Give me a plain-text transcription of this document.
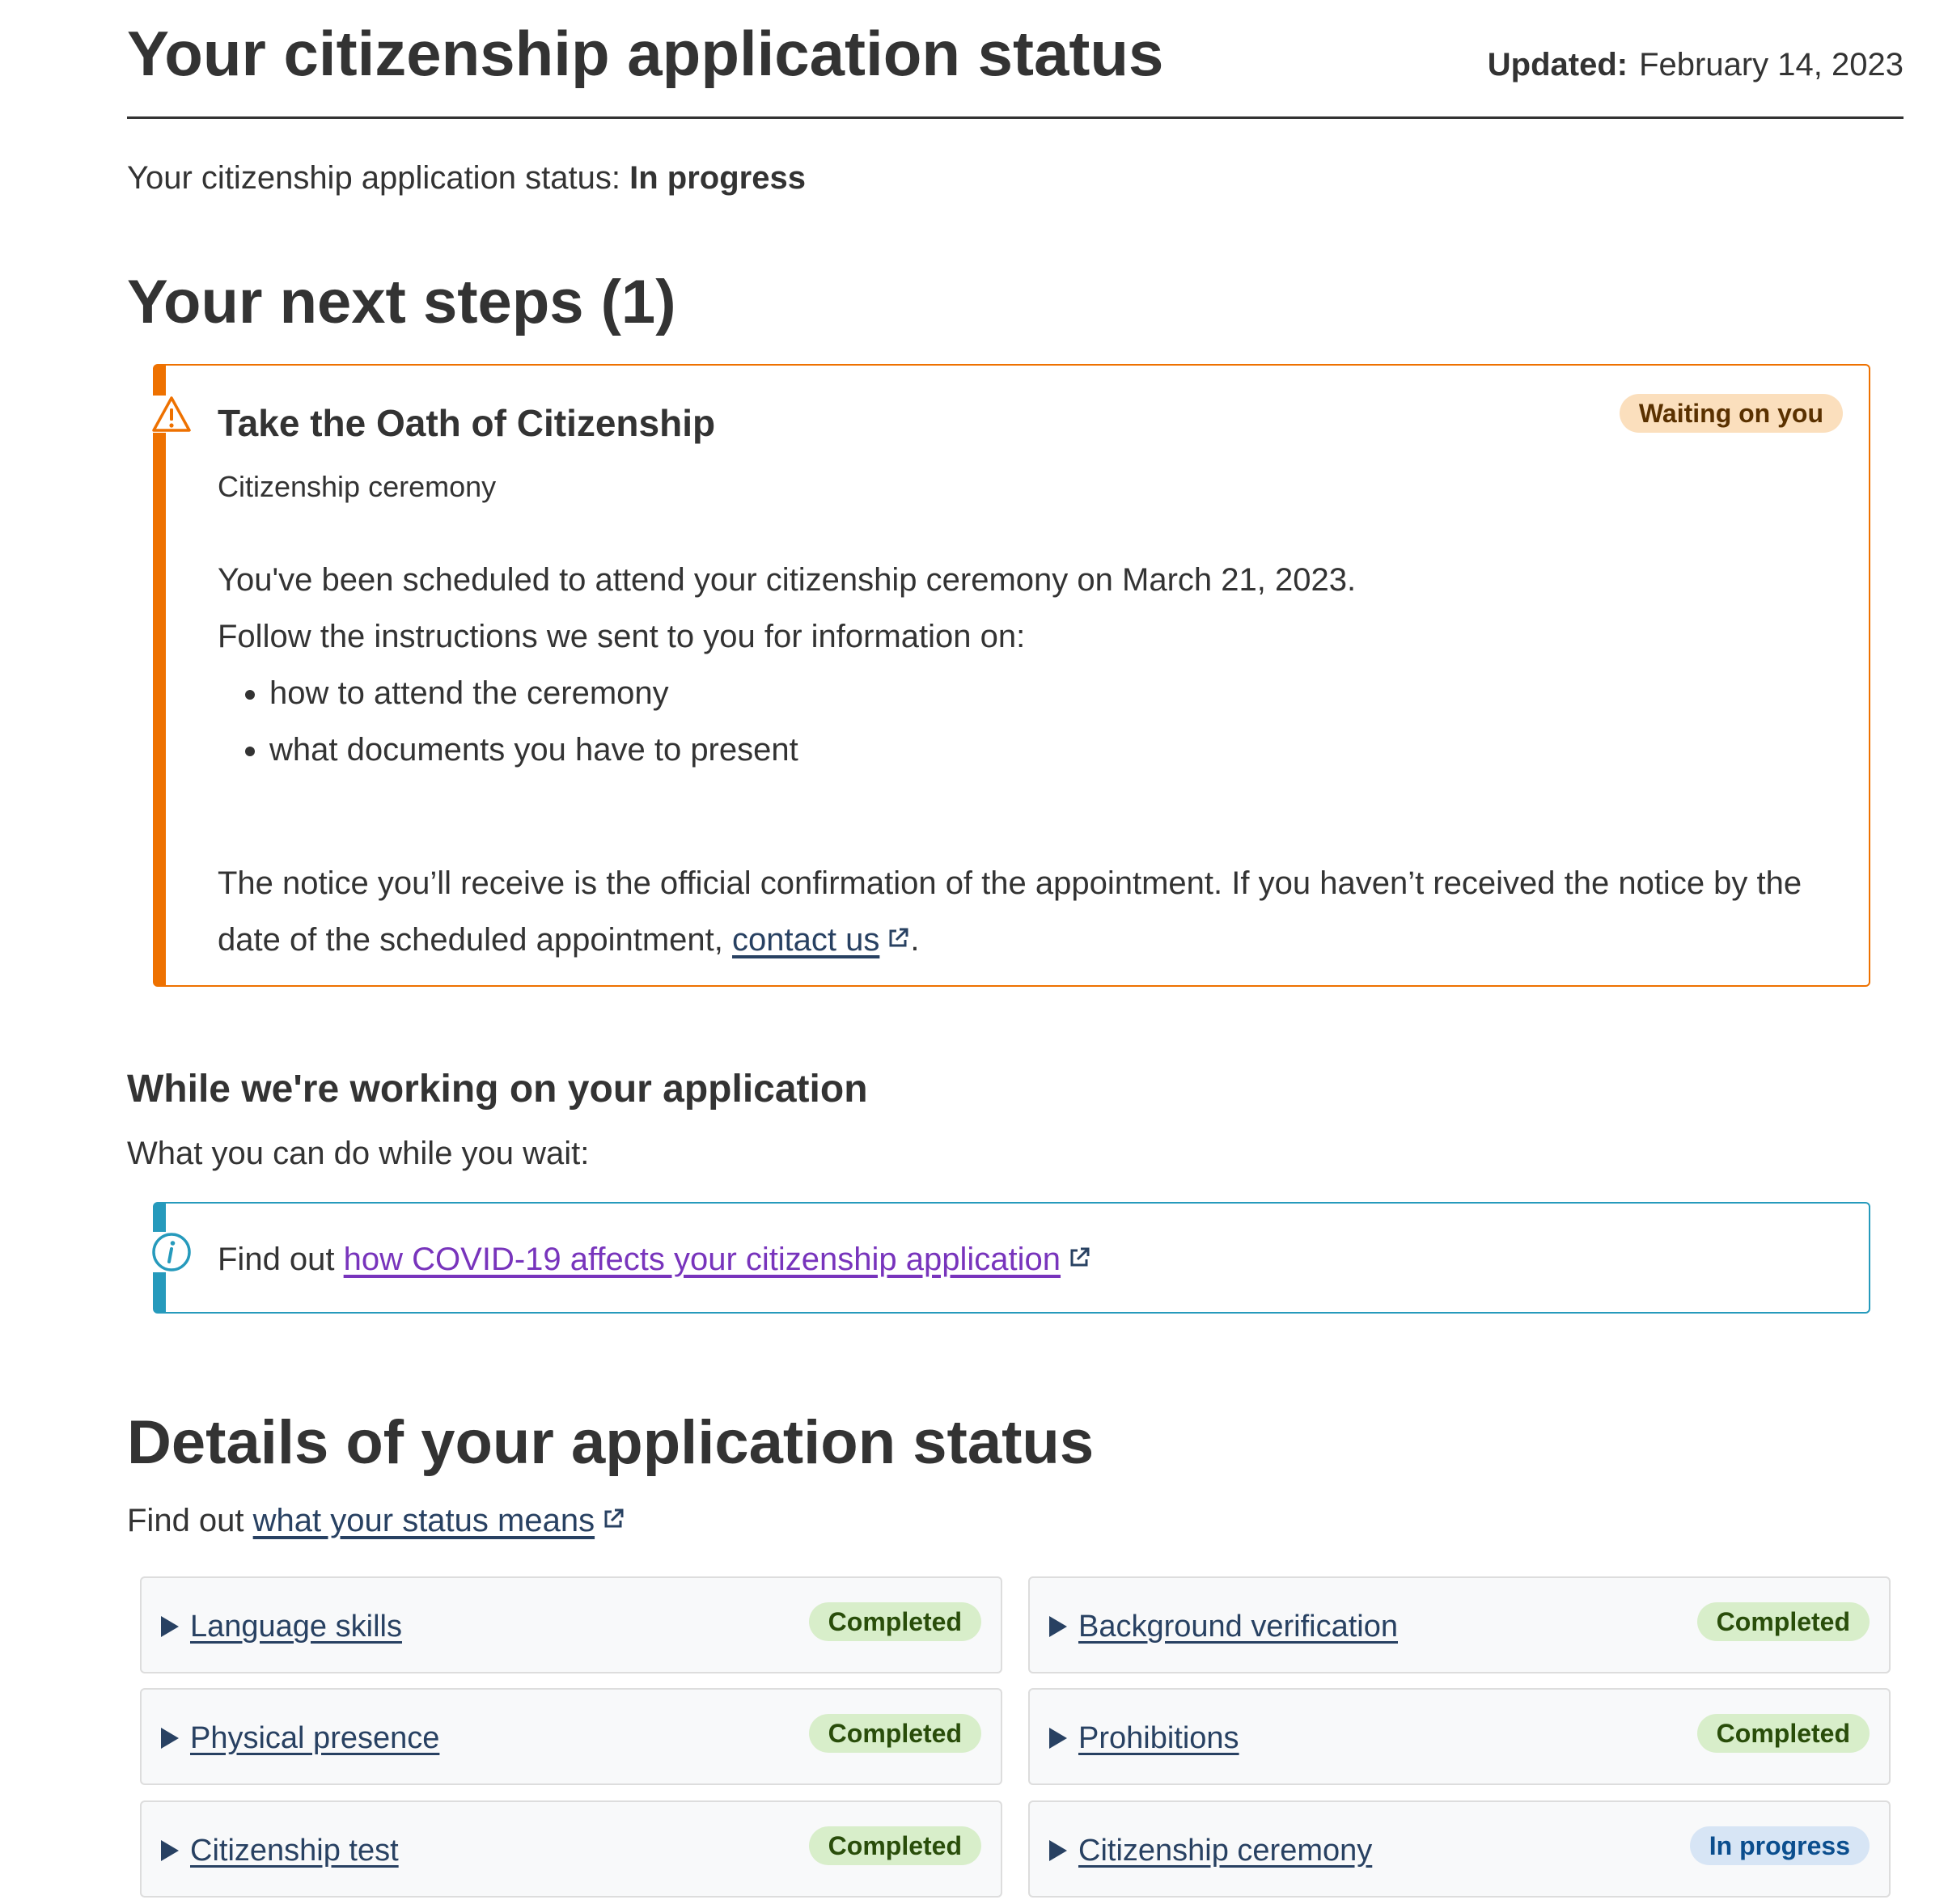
Your citizenship application status	Updated: February 14, 2023
Your citizenship application status: In progress
Your next steps (1)
Take the Oath of Citizenship	Waiting on you
Citizenship ceremony

You've been scheduled to attend your citizenship ceremony on March 21, 2023.

Follow the instructions we sent to you for information on:

• how to attend the ceremony
• what documents you have to present

The notice you’ll receive is the official confirmation of the appointment. If you haven’t received the notice by the date of the scheduled appointment, contact us .

While we're working on your application
What you can do while you wait:
Find out how COVID-19 affects your citizenship application
Details of your application status
Find out what your status means
Language skills	Completed	Background verification	Completed
Physical presence	Completed	Prohibitions	Completed
Citizenship test	Completed	Citizenship ceremony	In progress
